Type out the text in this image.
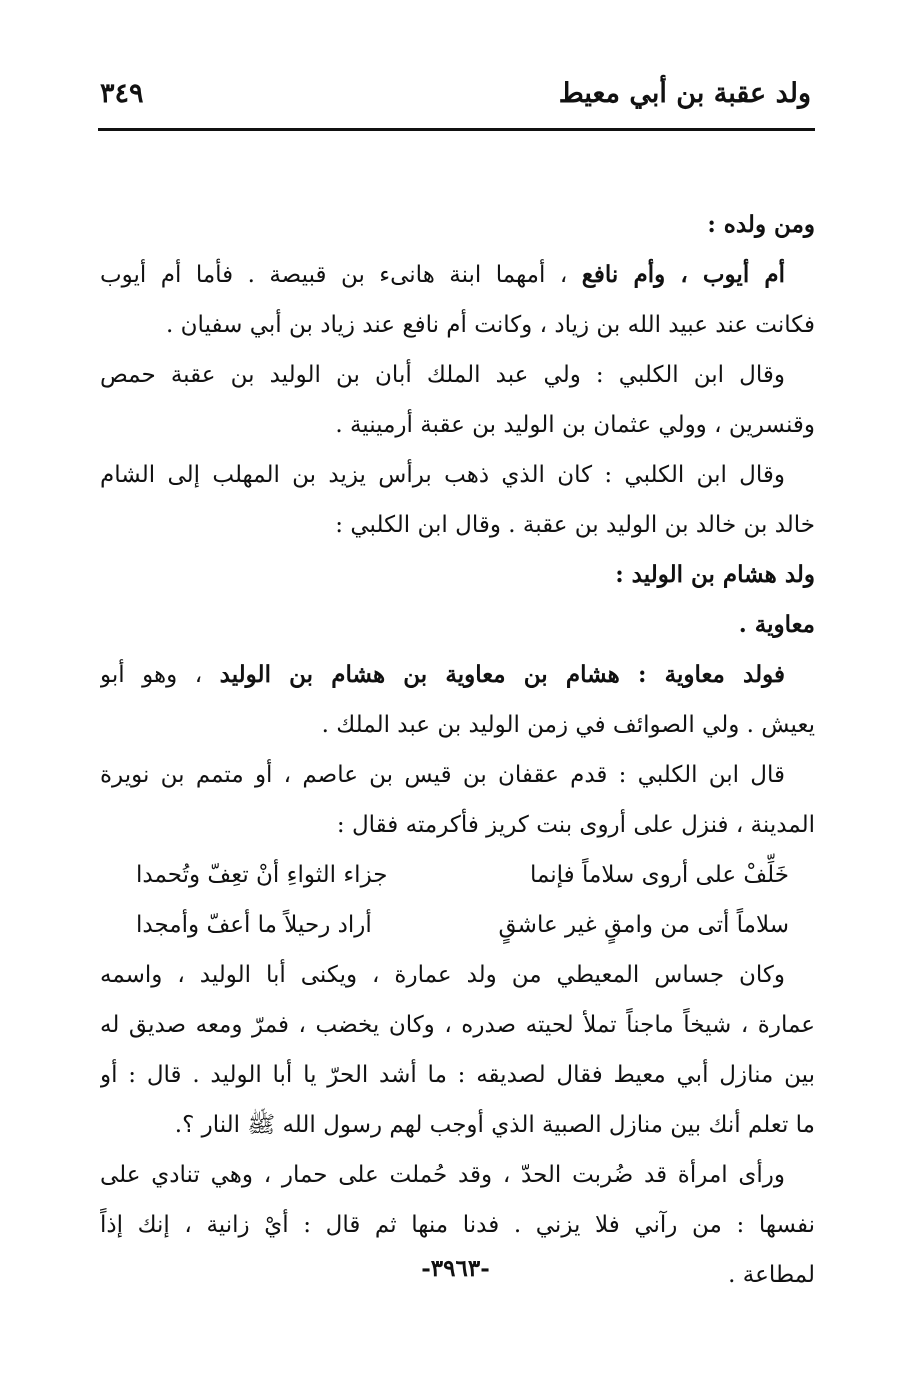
ولد عقبة بن أبي معيط
٣٤٩
ومن ولده :
أم أيوب ، وأم نافع ، أمهما ابنة هانىء بن قبيصة . فأما أم أيوب
فكانت عند عبيد الله بن زياد ، وكانت أم نافع عند زياد بن أبي سفيان .
وقال ابن الكلبي : ولي عبد الملك أبان بن الوليد بن عقبة حمص
وقنسرين ، وولي عثمان بن الوليد بن عقبة أرمينية .
وقال ابن الكلبي : كان الذي ذهب برأس يزيد بن المهلب إلى الشام
خالد بن خالد بن الوليد بن عقبة . وقال ابن الكلبي :
ولد هشام بن الوليد :
معاوية .
فولد معاوية : هشام بن معاوية بن هشام بن الوليد ، وهو أبو
يعيش . ولي الصوائف في زمن الوليد بن عبد الملك .
قال ابن الكلبي : قدم عقفان بن قيس بن عاصم ، أو متمم بن نويرة
المدينة ، فنزل على أروى بنت كريز فأكرمته فقال :
خَلِّفْ على أروى سلاماً فإنما
جزاء الثواءِ أنْ تعِفّ وتُحمدا
سلاماً أتى من وامقٍ غير عاشقٍ
أراد رحيلاً ما أعفّ وأمجدا
وكان جساس المعيطي من ولد عمارة ، ويكنى أبا الوليد ، واسمه
عمارة ، شيخاً ماجناً تملأ لحيته صدره ، وكان يخضب ، فمرّ ومعه صديق له
بين منازل أبي معيط فقال لصديقه : ما أشد الحرّ يا أبا الوليد . قال : أو
ما تعلم أنك بين منازل الصبية الذي أوجب لهم رسول الله ﷺ النار ؟.
ورأى امرأة قد ضُربت الحدّ ، وقد حُملت على حمار ، وهي تنادي على
نفسها : من رآني فلا يزني . فدنا منها ثم قال : أيْ زانية ، إنك إذاً
لمطاعة .
-٣٩٦٣-
